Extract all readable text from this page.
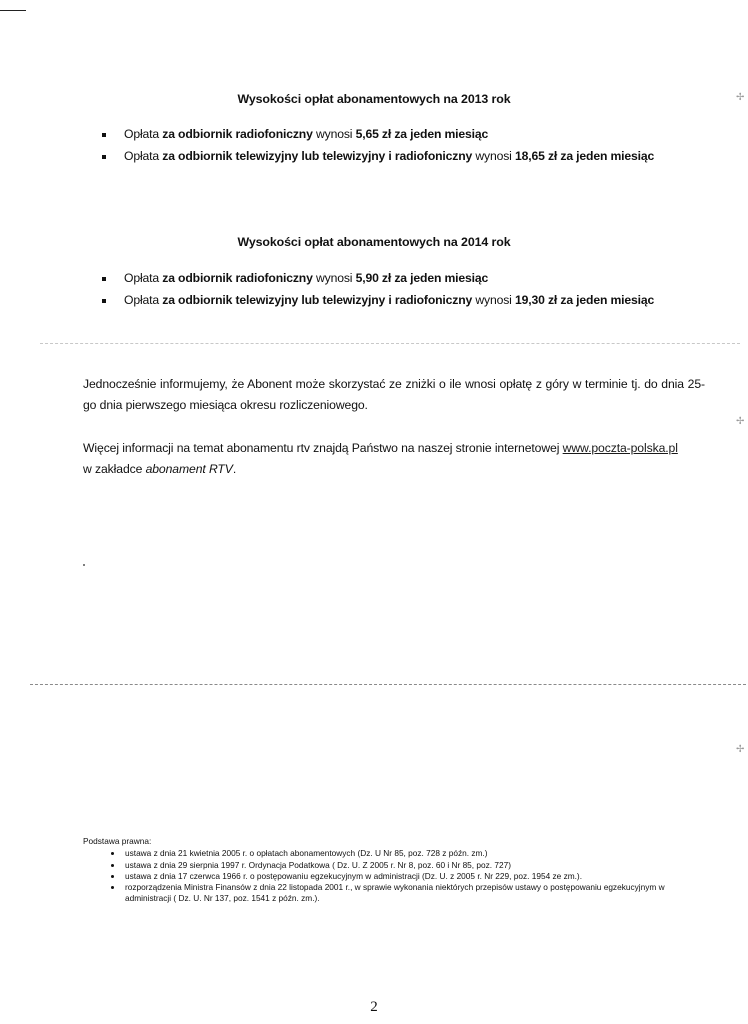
✢
✢
✢
Wysokości opłat abonamentowych na 2013 rok
Opłata za odbiornik radiofoniczny wynosi 5,65 zł za jeden miesiąc
Opłata za odbiornik telewizyjny lub telewizyjny i radiofoniczny wynosi 18,65 zł za jeden miesiąc
Wysokości opłat abonamentowych na 2014 rok
Opłata za odbiornik radiofoniczny wynosi 5,90 zł za jeden miesiąc
Opłata za odbiornik telewizyjny lub telewizyjny i radiofoniczny wynosi 19,30 zł za jeden miesiąc

Jednocześnie informujemy, że Abonent może skorzystać ze zniżki o ile wnosi opłatę z góry w terminie tj. do dnia 25-go dnia pierwszego miesiąca okresu rozliczeniowego.

Więcej informacji na temat abonamentu rtv znajdą Państwo na naszej stronie internetowej www.poczta-polska.pl
w zakładce abonament RTV.

Podstawa prawna:

ustawa z dnia 21 kwietnia 2005 r. o opłatach abonamentowych (Dz. U Nr 85, poz. 728 z późn. zm.)
ustawa z dnia 29 sierpnia 1997 r. Ordynacja Podatkowa ( Dz. U. Z 2005 r. Nr 8, poz. 60 i Nr 85, poz. 727)
ustawa z dnia 17 czerwca 1966 r. o postępowaniu egzekucyjnym w administracji (Dz. U. z 2005 r. Nr 229, poz. 1954 ze zm.).
rozporządzenia Ministra Finansów z dnia 22 listopada 2001 r., w sprawie wykonania niektórych przepisów ustawy o postępowaniu egzekucyjnym w administracji ( Dz. U. Nr 137, poz. 1541 z późn. zm.).
2
